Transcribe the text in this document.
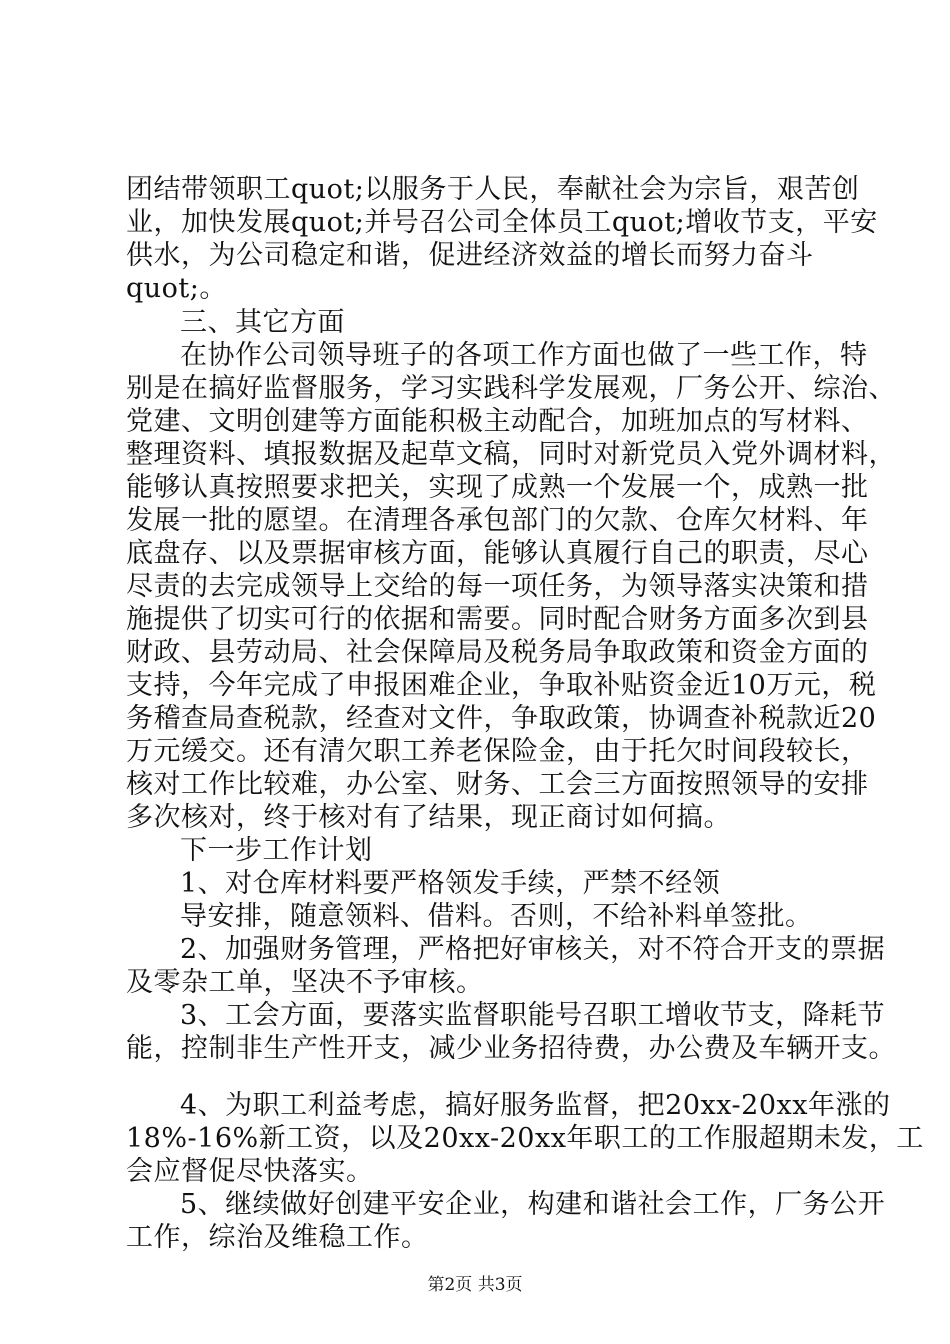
团结带领职工quot;以服务于人民，奉献社会为宗旨，艰苦创
业，加快发展quot;并号召公司全体员工quot;增收节支，平安
供水，为公司稳定和谐，促进经济效益的增长而努力奋斗
quot;。
三、其它方面
在协作公司领导班子的各项工作方面也做了一些工作，特
别是在搞好监督服务，学习实践科学发展观，厂务公开、综治、
党建、文明创建等方面能积极主动配合，加班加点的写材料、
整理资料、填报数据及起草文稿，同时对新党员入党外调材料，
能够认真按照要求把关，实现了成熟一个发展一个，成熟一批
发展一批的愿望。在清理各承包部门的欠款、仓库欠材料、年
底盘存、以及票据审核方面，能够认真履行自己的职责，尽心
尽责的去完成领导上交给的每一项任务，为领导落实决策和措
施提供了切实可行的依据和需要。同时配合财务方面多次到县
财政、县劳动局、社会保障局及税务局争取政策和资金方面的
支持，今年完成了申报困难企业，争取补贴资金近10万元，税
务稽查局查税款，经查对文件，争取政策，协调查补税款近20
万元缓交。还有清欠职工养老保险金，由于托欠时间段较长，
核对工作比较难，办公室、财务、工会三方面按照领导的安排
多次核对，终于核对有了结果，现正商讨如何搞。
下一步工作计划
1、对仓库材料要严格领发手续，严禁不经领
导安排，随意领料、借料。否则，不给补料单签批。
2、加强财务管理，严格把好审核关，对不符合开支的票据
及零杂工单，坚决不予审核。
3、工会方面，要落实监督职能号召职工增收节支，降耗节
能，控制非生产性开支，减少业务招待费，办公费及车辆开支。
4、为职工利益考虑，搞好服务监督，把20xx-20xx年涨的
18%-16%新工资，以及20xx-20xx年职工的工作服超期未发，工
会应督促尽快落实。
5、继续做好创建平安企业，构建和谐社会工作，厂务公开
工作，综治及维稳工作。
第2页 共3页
